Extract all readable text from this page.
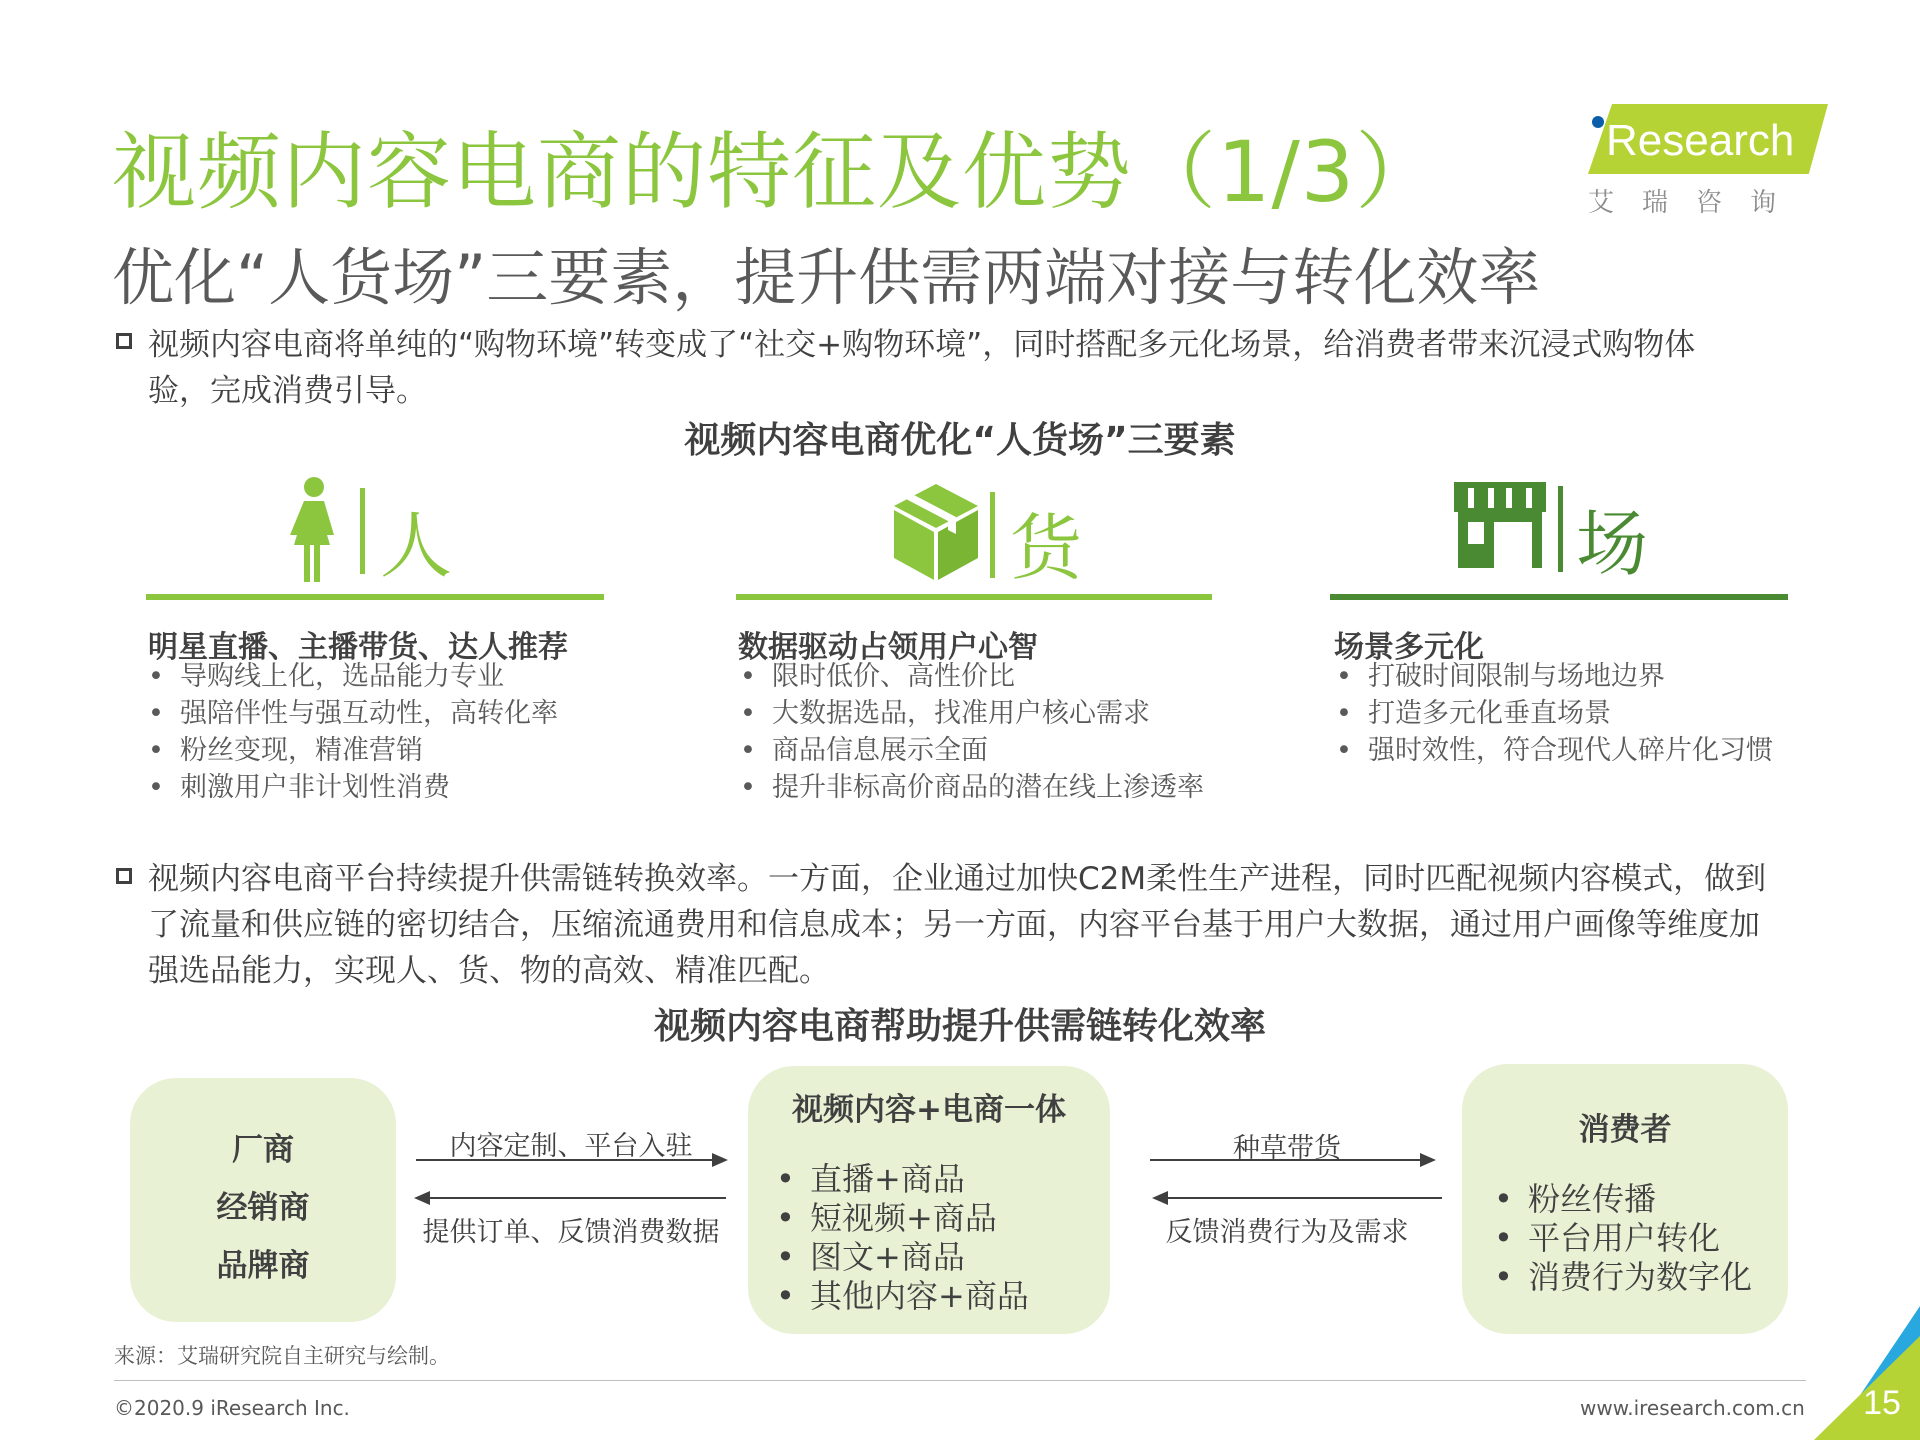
视频内容电商的特征及优势（1/3）
优化“人货场”三要素，提升供需两端对接与转化效率
Research
艾瑞咨询
视频内容电商将单纯的“购物环境”转变成了“社交+购物环境”，同时搭配多元化场景，给消费者带来沉浸式购物体
验，完成消费引导。
视频内容电商优化“人货场”三要素
人
明星直播、主播带货、达人推荐
• 导购线上化，选品能力专业
• 强陪伴性与强互动性，高转化率
• 粉丝变现，精准营销
• 刺激用户非计划性消费
货
数据驱动占领用户心智
• 限时低价、高性价比
• 大数据选品，找准用户核心需求
• 商品信息展示全面
• 提升非标高价商品的潜在线上渗透率
场
场景多元化
• 打破时间限制与场地边界
• 打造多元化垂直场景
• 强时效性，符合现代人碎片化习惯
视频内容电商平台持续提升供需链转换效率。一方面，企业通过加快C2M柔性生产进程，同时匹配视频内容模式，做到
了流量和供应链的密切结合，压缩流通费用和信息成本；另一方面，内容平台基于用户大数据，通过用户画像等维度加
强选品能力，实现人、货、物的高效、精准匹配。
视频内容电商帮助提升供需链转化效率
厂商
经销商
品牌商
内容定制、平台入驻
提供订单、反馈消费数据
视频内容+电商一体
• 直播+商品
• 短视频+商品
• 图文+商品
• 其他内容+商品
种草带货
反馈消费行为及需求
消费者
• 粉丝传播
• 平台用户转化
• 消费行为数字化
来源：艾瑞研究院自主研究与绘制。
©2020.9 iResearch Inc.	www.iresearch.com.cn	15
